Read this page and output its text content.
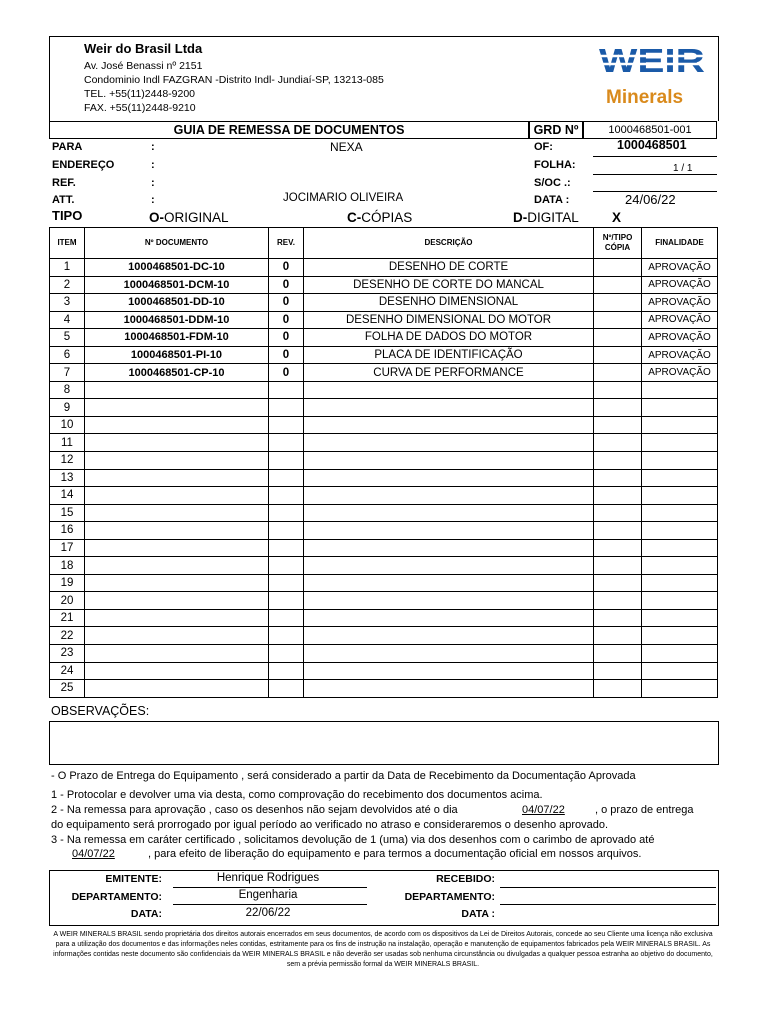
Weir do Brasil Ltda
Av. José Benassi nº 2151
Condominio Indl FAZGRAN -Distrito Indl- Jundiaí-SP, 13213-085
TEL. +55(11)2448-9200
FAX. +55(11)2448-9210
WEIR
Minerals
GUIA DE REMESSA DE DOCUMENTOS	GRD Nº	1000468501-001
PARA	:	NEXA
ENDEREÇO	:
REF.	:
ATT.	:	JOCIMARIO OLIVEIRA
OF:	1000468501
FOLHA:	1 / 1
S/OC .:
DATA :	24/06/22
TIPO	O-ORIGINAL	C-CÓPIAS	D-DIGITAL X
ITEM	Nº DOCUMENTO	REV.	DESCRIÇÃO	Nº/TIPO CÓPIA	FINALIDADE
1	1000468501-DC-10	0	DESENHO DE CORTE		APROVAÇÃO
2	1000468501-DCM-10	0	DESENHO DE CORTE DO MANCAL		APROVAÇÃO
3	1000468501-DD-10	0	DESENHO DIMENSIONAL		APROVAÇÃO
4	1000468501-DDM-10	0	DESENHO DIMENSIONAL DO MOTOR		APROVAÇÃO
5	1000468501-FDM-10	0	FOLHA DE DADOS DO MOTOR		APROVAÇÃO
6	1000468501-PI-10	0	PLACA DE IDENTIFICAÇÃO		APROVAÇÃO
7	1000468501-CP-10	0	CURVA DE PERFORMANCE		APROVAÇÃO
8					
9					
10					
11					
12					
13					
14					
15					
16					
17					
18					
19					
20					
21					
22					
23					
24					
25					
OBSERVAÇÕES:
- O Prazo de Entrega do Equipamento , será considerado a partir da Data de Recebimento da Documentação Aprovada
1 - Protocolar e devolver uma via desta, como comprovação do recebimento dos documentos acima.
2 - Na remessa para aprovação , caso os desenhos não sejam devolvidos até o dia	04/07/22	, o prazo de entrega
do equipamento será prorrogado por igual período ao verificado no atraso e consideraremos o desenho aprovado.
3 - Na remessa em caráter certificado , solicitamos devolução de 1 (uma) via dos desenhos com o carimbo de aprovado até
04/07/22	, para efeito de liberação do equipamento e para termos a documentação oficial em nossos arquivos.
EMITENTE:	Henrique Rodrigues
DEPARTAMENTO:	Engenharia
DATA:	22/06/22
RECEBIDO:
DEPARTAMENTO:
DATA :
A WEIR MINERALS BRASIL sendo proprietária dos direitos autorais encerrados em seus documentos, de acordo com os dispositivos da Lei de Direitos Autorais, concede ao seu Cliente uma licença não exclusiva para a utilização dos documentos e das informações neles contidas, estritamente para os fins de instrução na instalação, operação e manutenção de equipamentos fabricados pela WEIR MINERALS BRASIL. As informações contidas neste documento são confidenciais da WEIR MINERALS BRASIL e não deverão ser usadas sob nenhuma circunstância ou divulgadas a qualquer pessoa estranha ao objetivo do documento, sem a prévia permissão formal da WEIR MINERALS BRASIL.
